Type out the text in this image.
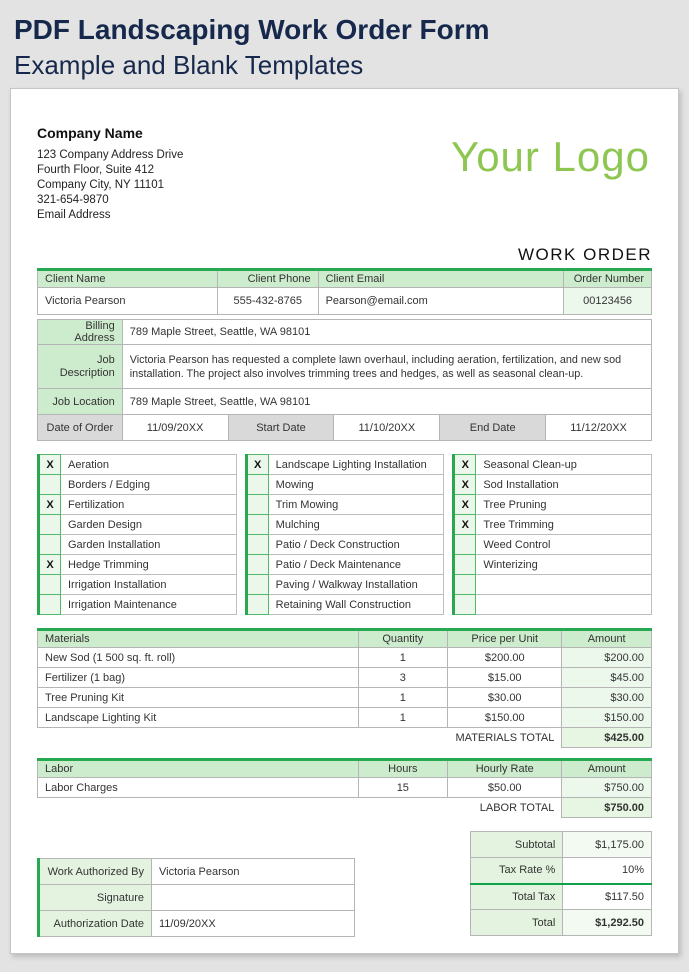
PDF Landscaping Work Order Form
Example and Blank Templates
Company Name
123 Company Address Drive
Fourth Floor, Suite 412
Company City, NY 11101
321-654-9870
Email Address
Your Logo
WORK ORDER
Client Name	Client Phone	Client Email	Order Number
Victoria Pearson	555-432-8765	Pearson@email.com	00123456
Billing Address	789 Maple Street, Seattle, WA 98101				
Job Description	Victoria Pearson has requested a complete lawn overhaul, including aeration, fertilization, and new sod installation. The project also involves trimming trees and hedges, as well as seasonal clean-up.				
Job Location	789 Maple Street, Seattle, WA 98101				
Date of Order	11/09/20XX	Start Date	11/10/20XX	End Date	11/12/20XX
X	Aeration
	Borders / Edging
X	Fertilization
	Garden Design
	Garden Installation
X	Hedge Trimming
	Irrigation Installation
	Irrigation Maintenance
X	Landscape Lighting Installation
	Mowing
	Trim Mowing
	Mulching
	Patio / Deck Construction
	Patio / Deck Maintenance
	Paving / Walkway Installation
	Retaining Wall Construction
X	Seasonal Clean-up
X	Sod Installation
X	Tree Pruning
X	Tree Trimming
	Weed Control
	Winterizing

Materials	Quantity	Price per Unit	Amount
New Sod (1 500 sq. ft. roll)	1	$200.00	$200.00
Fertilizer (1 bag)	3	$15.00	$45.00
Tree Pruning Kit	1	$30.00	$30.00
Landscape Lighting Kit	1	$150.00	$150.00
MATERIALS TOTAL			$425.00
Labor	Hours	Hourly Rate	Amount
Labor Charges	15	$50.00	$750.00
LABOR TOTAL			$750.00
Work Authorized By	Victoria Pearson
Signature	
Authorization Date	11/09/20XX
Subtotal	$1,175.00
Tax Rate %	10%
Total Tax	$117.50
Total	$1,292.50
